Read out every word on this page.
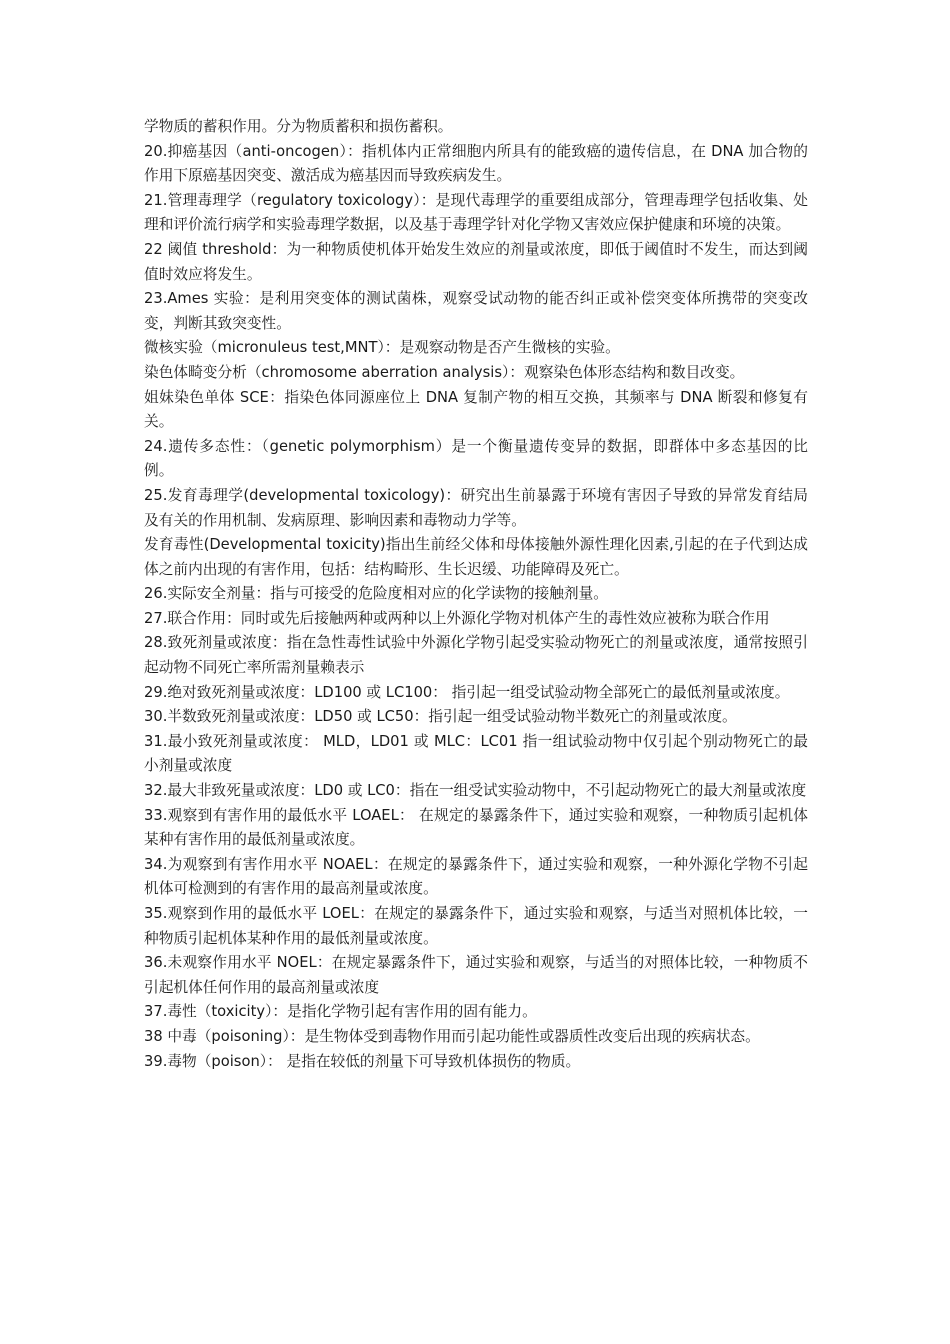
学物质的蓄积作用。分为物质蓄积和损伤蓄积。

20.抑癌基因（anti-oncogen）：指机体内正常细胞内所具有的能致癌的遗传信息，在 DNA 加合物的作用下原癌基因突变、激活成为癌基因而导致疾病发生。

21.管理毒理学（regulatory toxicology）：是现代毒理学的重要组成部分，管理毒理学包括收集、处理和评价流行病学和实验毒理学数据，以及基于毒理学针对化学物又害效应保护健康和环境的决策。

22 阈值 threshold：为一种物质使机体开始发生效应的剂量或浓度，即低于阈值时不发生，而达到阈值时效应将发生。

23.Ames 实验：是利用突变体的测试菌株，观察受试动物的能否纠正或补偿突变体所携带的突变改变，判断其致突变性。

微核实验（micronuleus test,MNT）：是观察动物是否产生微核的实验。

染色体畸变分析（chromosome aberration analysis）：观察染色体形态结构和数目改变。

姐妹染色单体 SCE：指染色体同源座位上 DNA 复制产物的相互交换，其频率与 DNA 断裂和修复有关。

24.遗传多态性：（genetic polymorphism）是一个衡量遗传变异的数据，即群体中多态基因的比例。

25.发育毒理学(developmental toxicology)：研究出生前暴露于环境有害因子导致的异常发育结局及有关的作用机制、发病原理、影响因素和毒物动力学等。

发育毒性(Developmental toxicity)指出生前经父体和母体接触外源性理化因素,引起的在子代到达成体之前内出现的有害作用，包括：结构畸形、生长迟缓、功能障碍及死亡。

26.实际安全剂量：指与可接受的危险度相对应的化学读物的接触剂量。

27.联合作用：同时或先后接触两种或两种以上外源化学物对机体产生的毒性效应被称为联合作用

28.致死剂量或浓度：指在急性毒性试验中外源化学物引起受实验动物死亡的剂量或浓度，通常按照引起动物不同死亡率所需剂量赖表示

29.绝对致死剂量或浓度：LD100 或 LC100： 指引起一组受试验动物全部死亡的最低剂量或浓度。

30.半数致死剂量或浓度：LD50 或 LC50：指引起一组受试验动物半数死亡的剂量或浓度。

31.最小致死剂量或浓度： MLD，LD01 或 MLC：LC01 指一组试验动物中仅引起个别动物死亡的最小剂量或浓度

32.最大非致死量或浓度：LD0 或 LC0：指在一组受试实验动物中，不引起动物死亡的最大剂量或浓度

33.观察到有害作用的最低水平 LOAEL： 在规定的暴露条件下，通过实验和观察，一种物质引起机体某种有害作用的最低剂量或浓度。

34.为观察到有害作用水平 NOAEL：在规定的暴露条件下，通过实验和观察，一种外源化学物不引起机体可检测到的有害作用的最高剂量或浓度。

35.观察到作用的最低水平 LOEL：在规定的暴露条件下，通过实验和观察，与适当对照机体比较，一种物质引起机体某种作用的最低剂量或浓度。

36.未观察作用水平 NOEL：在规定暴露条件下，通过实验和观察，与适当的对照体比较，一种物质不引起机体任何作用的最高剂量或浓度

37.毒性（toxicity）：是指化学物引起有害作用的固有能力。

38 中毒（poisoning）：是生物体受到毒物作用而引起功能性或器质性改变后出现的疾病状态。

39.毒物（poison）： 是指在较低的剂量下可导致机体损伤的物质。
